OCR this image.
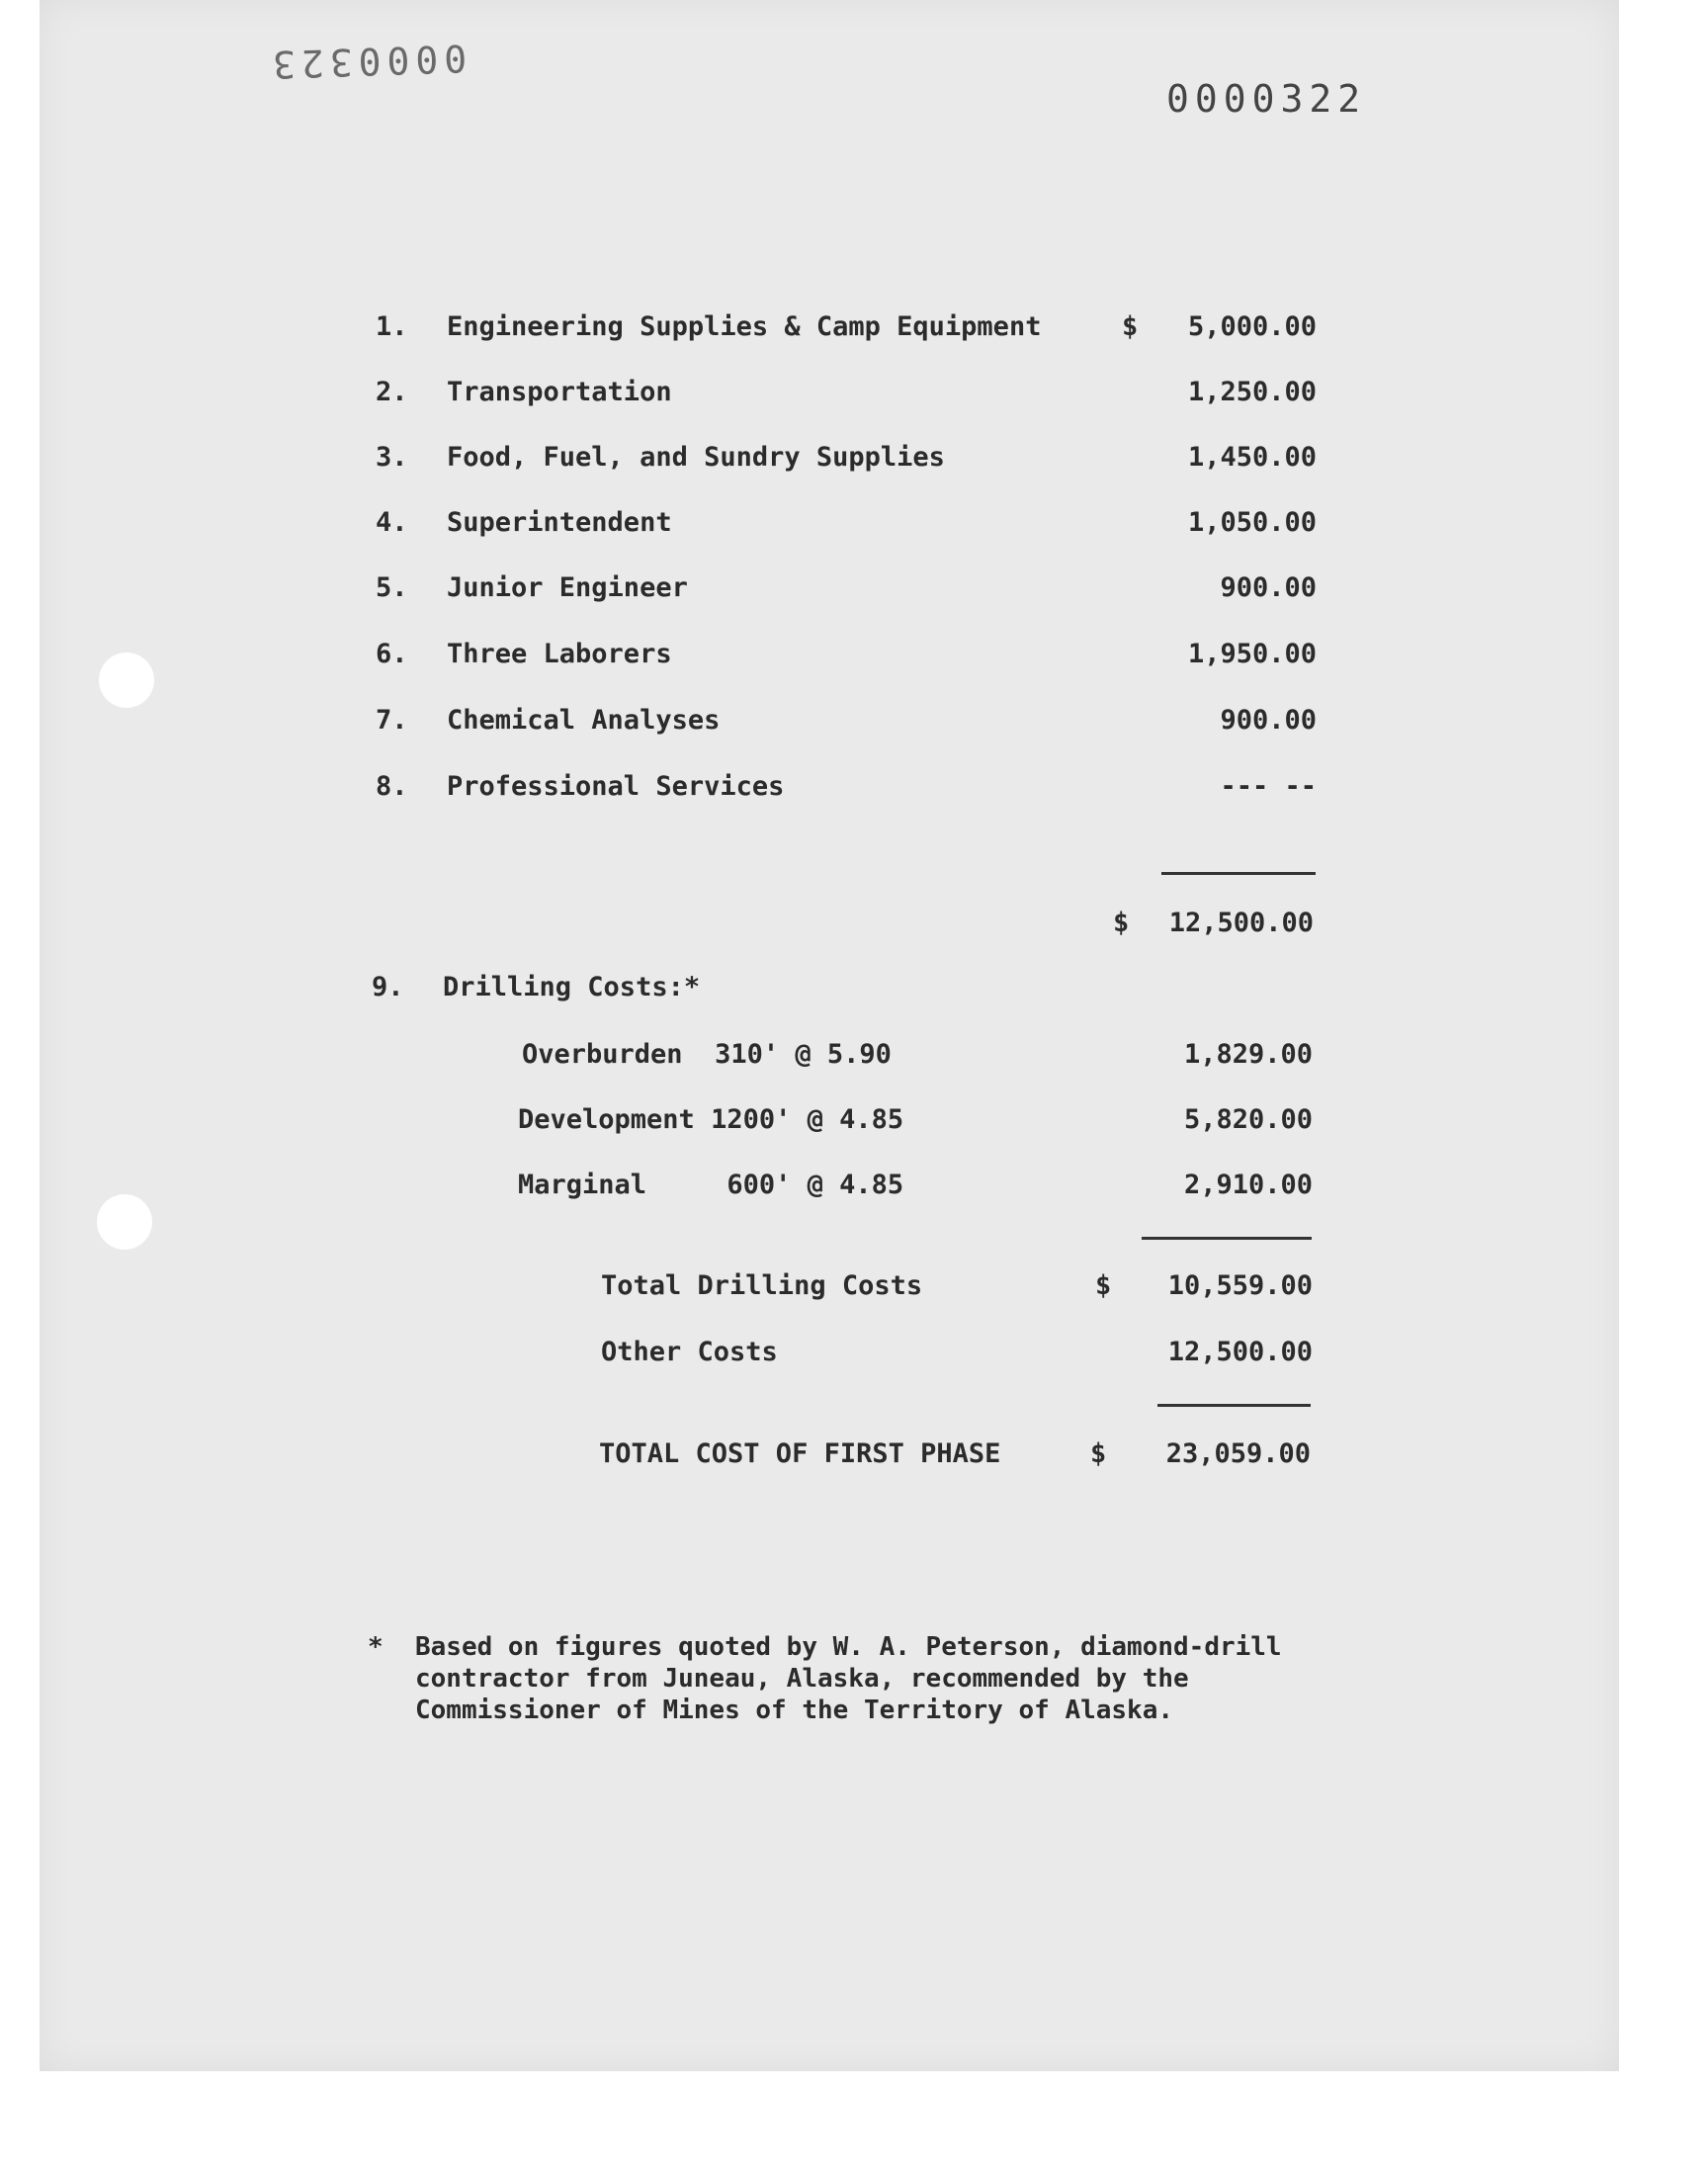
0000323
0000322
1.	Engineering Supplies & Camp Equipment	$	5,000.00
2.	Transportation	1,250.00
3.	Food, Fuel, and Sundry Supplies	1,450.00
4.	Superintendent	1,050.00
5.	Junior Engineer	900.00
6.	Three Laborers	1,950.00
7.	Chemical Analyses	900.00
8.	Professional Services	--- --
$	12,500.00
9.	Drilling Costs:*
Overburden  310' @ 5.90	1,829.00
Development 1200' @ 4.85	5,820.00
Marginal     600' @ 4.85	2,910.00
Total Drilling Costs	$	10,559.00
Other Costs	12,500.00
TOTAL COST OF FIRST PHASE	$	23,059.00
* Based on figures quoted by W. A. Peterson, diamond-drill
contractor from Juneau, Alaska, recommended by the
Commissioner of Mines of the Territory of Alaska.
